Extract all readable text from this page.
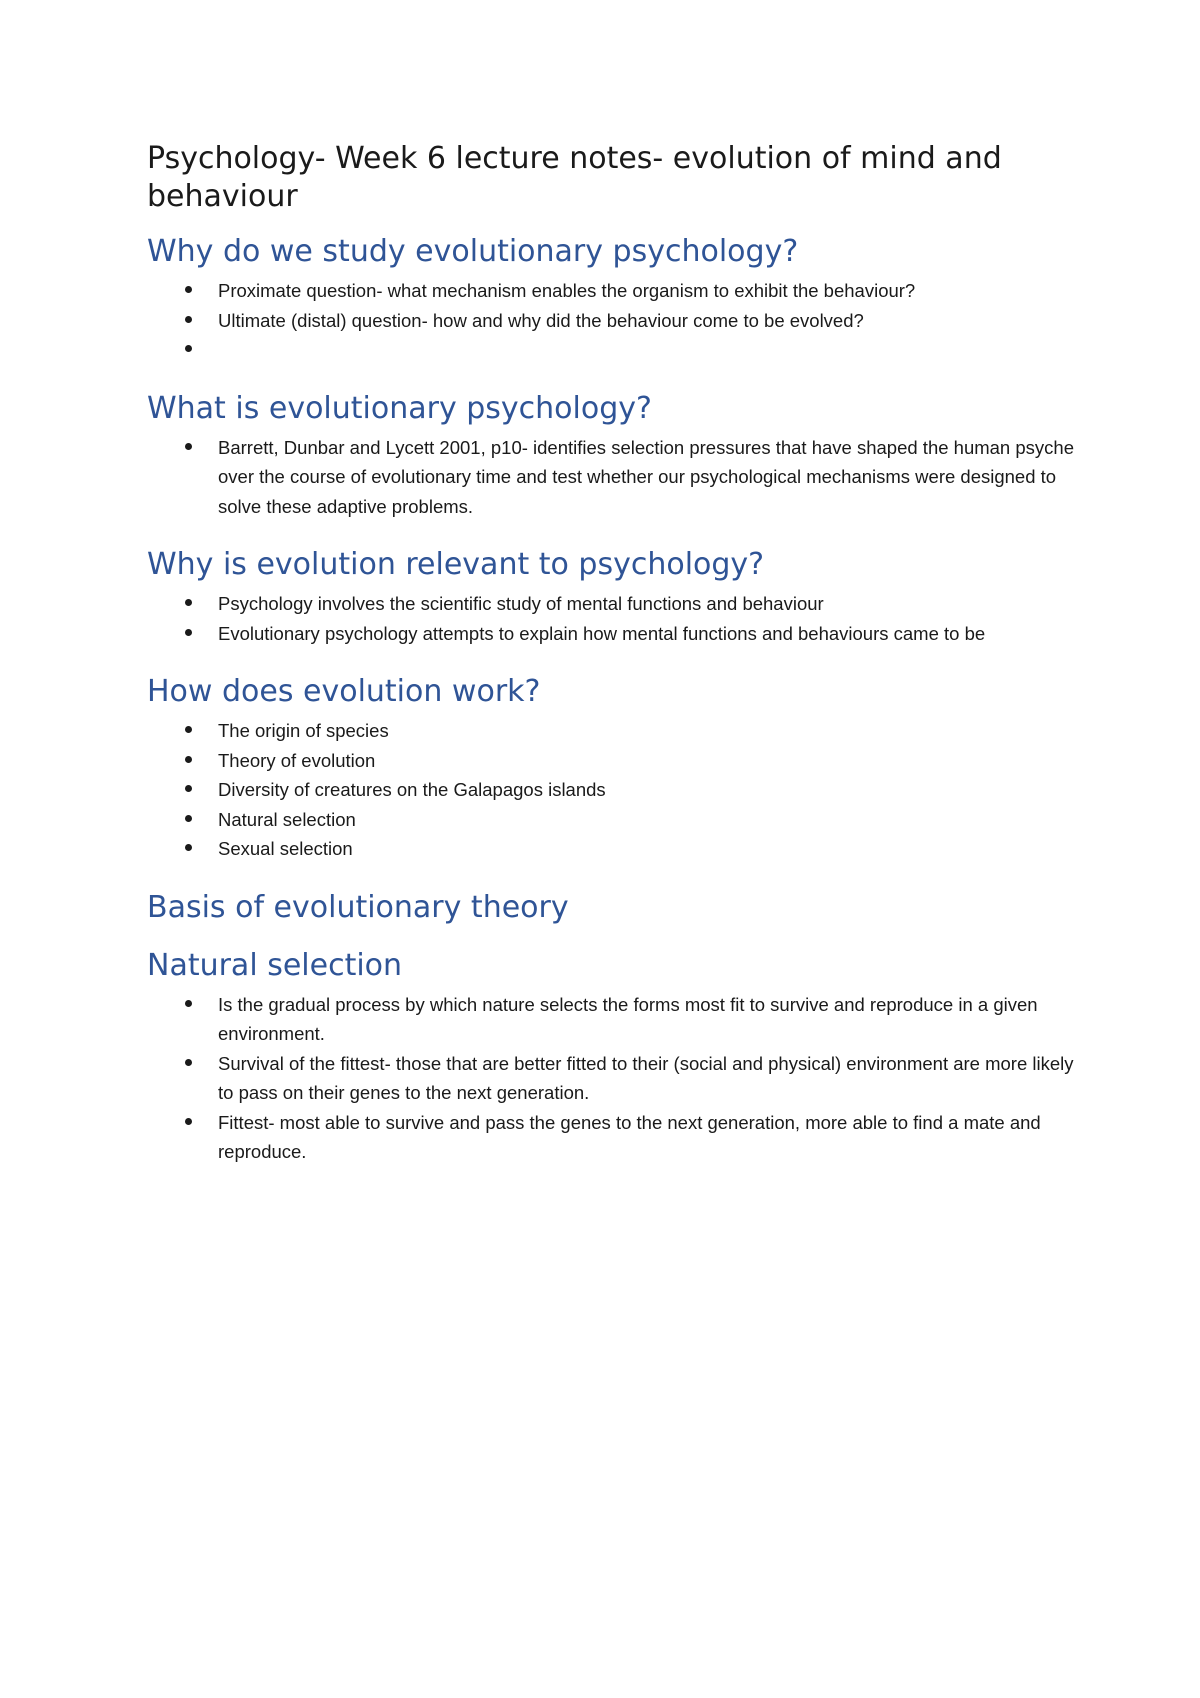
Psychology- Week 6 lecture notes- evolution of mind and behaviour
Why do we study evolutionary psychology?
Proximate question- what mechanism enables the organism to exhibit the behaviour?
Ultimate (distal) question- how and why did the behaviour come to be evolved?

What is evolutionary psychology?
Barrett, Dunbar and Lycett 2001, p10- identifies selection pressures that have shaped the human psyche over the course of evolutionary time and test whether our psychological mechanisms were designed to solve these adaptive problems.
Why is evolution relevant to psychology?
Psychology involves the scientific study of mental functions and behaviour
Evolutionary psychology attempts to explain how mental functions and behaviours came to be
How does evolution work?
The origin of species
Theory of evolution
Diversity of creatures on the Galapagos islands
Natural selection
Sexual selection
Basis of evolutionary theory
Natural selection
Is the gradual process by which nature selects the forms most fit to survive and reproduce in a given environment.
Survival of the fittest- those that are better fitted to their (social and physical) environment are more likely to pass on their genes to the next generation.
Fittest- most able to survive and pass the genes to the next generation, more able to find a mate and reproduce.
